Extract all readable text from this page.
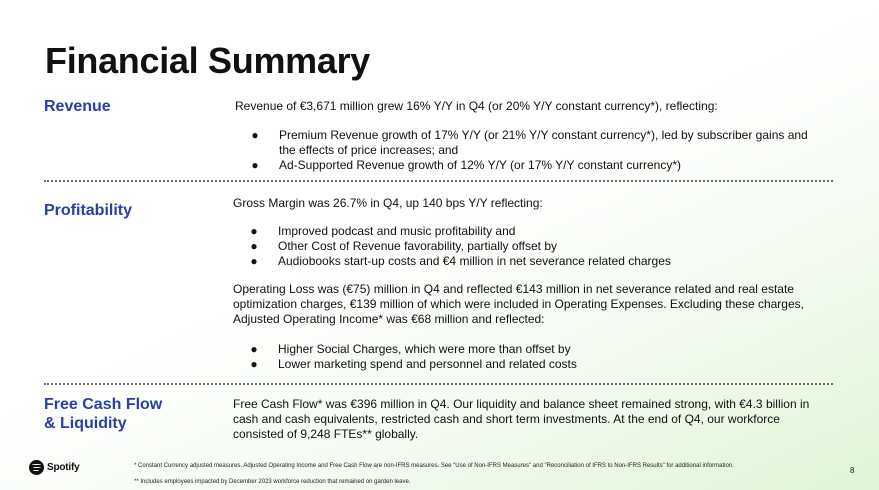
Financial Summary
Revenue	Revenue of €3,671 million grew 16% Y/Y in Q4 (or 20% Y/Y constant currency*), reflecting:
● Premium Revenue growth of 17% Y/Y (or 21% Y/Y constant currency*), led by subscriber gains and the effects of price increases; and
● Ad-Supported Revenue growth of 12% Y/Y (or 17% Y/Y constant currency*)
Profitability	Gross Margin was 26.7% in Q4, up 140 bps Y/Y reflecting:
● Improved podcast and music profitability and
● Other Cost of Revenue favorability, partially offset by
● Audiobooks start-up costs and €4 million in net severance related charges
Operating Loss was (€75) million in Q4 and reflected €143 million in net severance related and real estate optimization charges, €139 million of which were included in Operating Expenses. Excluding these charges, Adjusted Operating Income* was €68 million and reflected:
● Higher Social Charges, which were more than offset by
● Lower marketing spend and personnel and related costs
Free Cash Flow
& Liquidity
Free Cash Flow* was €396 million in Q4. Our liquidity and balance sheet remained strong, with €4.3 billion in cash and cash equivalents, restricted cash and short term investments. At the end of Q4, our workforce consisted of 9,248 FTEs** globally.
Spotify	* Constant Currency adjusted measures, Adjusted Operating Income and Free Cash Flow are non-IFRS measures. See "Use of Non-IFRS Measures" and "Reconciliation of IFRS to Non-IFRS Results" for additional information.
** Includes employees impacted by December 2023 workforce reduction that remained on garden leave.
8
